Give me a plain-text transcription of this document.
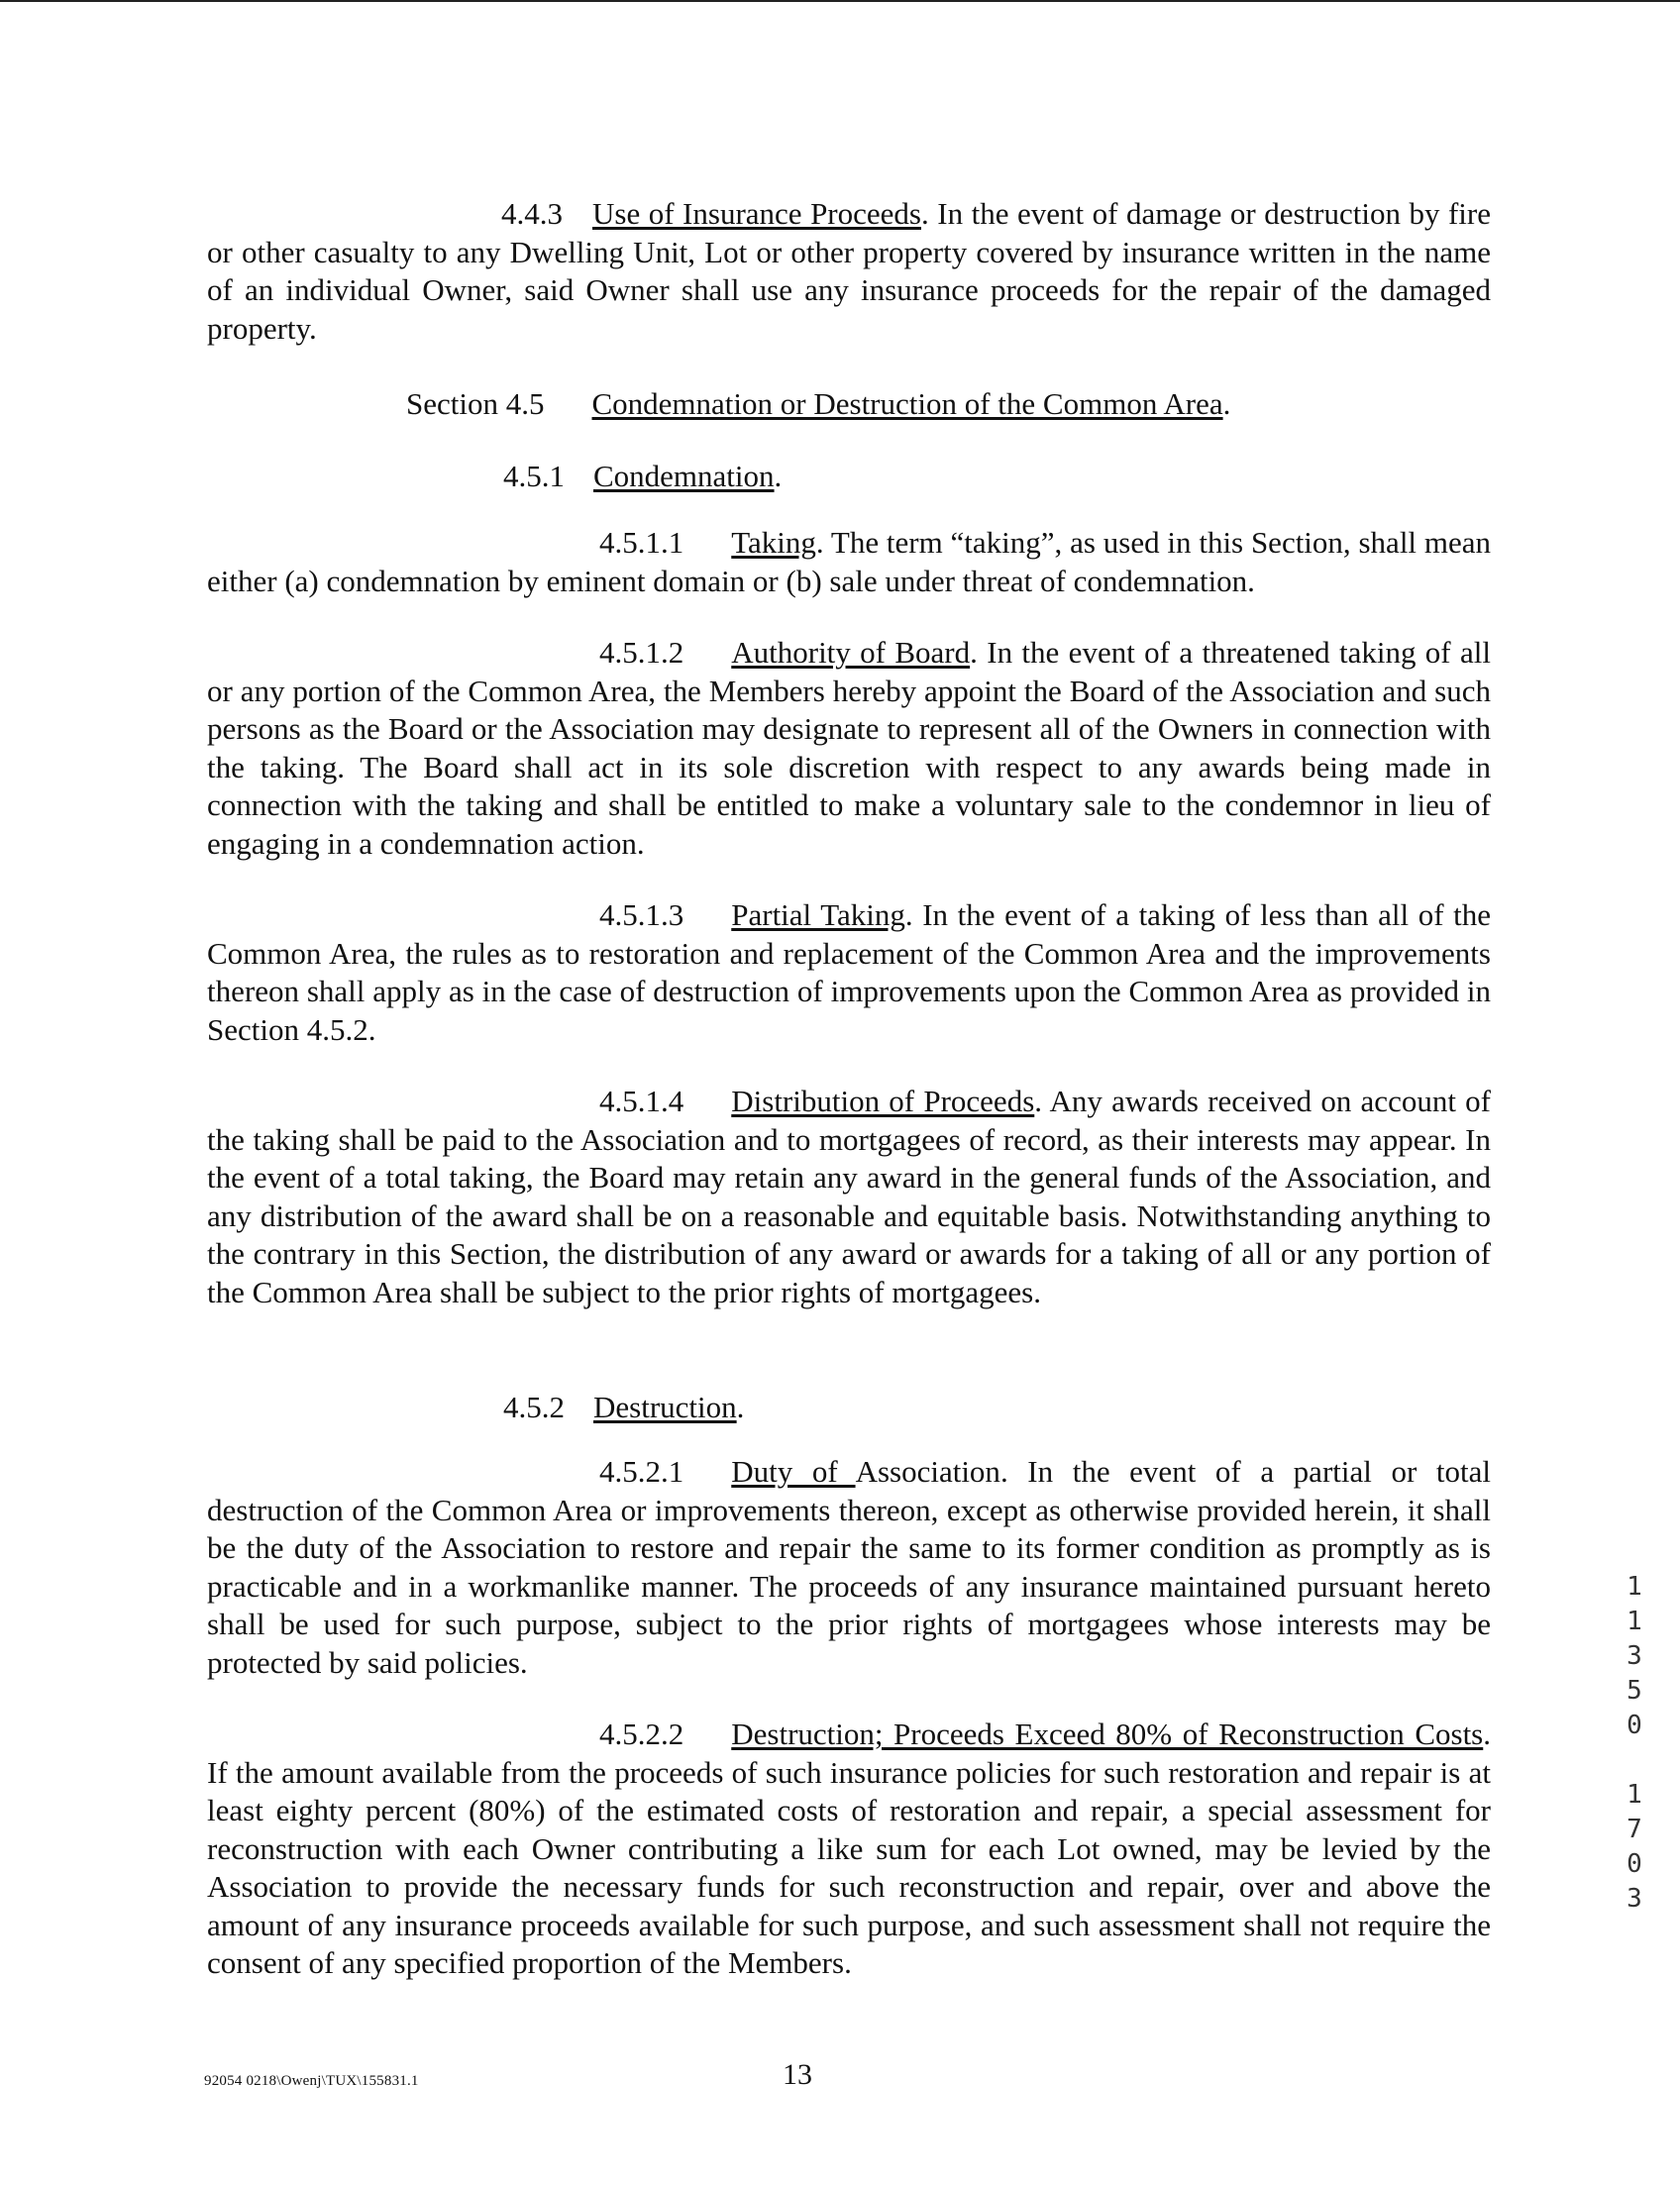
4.4.3 Use of Insurance Proceeds. In the event of damage or destruction by fire or other casualty to any Dwelling Unit, Lot or other property covered by insurance written in the name of an individual Owner, said Owner shall use any insurance proceeds for the repair of the damaged property.

Section 4.5 Condemnation or Destruction of the Common Area.
4.5.1 Condemnation.

4.5.1.1 Taking. The term “taking”, as used in this Section, shall mean either (a) condemnation by eminent domain or (b) sale under threat of condemnation.

4.5.1.2 Authority of Board. In the event of a threatened taking of all or any portion of the Common Area, the Members hereby appoint the Board of the Association and such persons as the Board or the Association may designate to represent all of the Owners in connection with the taking. The Board shall act in its sole discretion with respect to any awards being made in connection with the taking and shall be entitled to make a voluntary sale to the condemnor in lieu of engaging in a condemnation action.

4.5.1.3 Partial Taking. In the event of a taking of less than all of the Common Area, the rules as to restoration and replacement of the Common Area and the improvements thereon shall apply as in the case of destruction of improvements upon the Common Area as provided in Section 4.5.2.

4.5.1.4 Distribution of Proceeds. Any awards received on account of the taking shall be paid to the Association and to mortgagees of record, as their interests may appear. In the event of a total taking, the Board may retain any award in the general funds of the Association, and any distribution of the award shall be on a reasonable and equitable basis. Notwithstanding anything to the contrary in this Section, the distribution of any award or awards for a taking of all or any portion of the Common Area shall be subject to the prior rights of mortgagees.

4.5.2 Destruction.

4.5.2.1 Duty of Association. In the event of a partial or total destruction of the Common Area or improvements thereon, except as otherwise provided herein, it shall be the duty of the Association to restore and repair the same to its former condition as promptly as is practicable and in a workmanlike manner. The proceeds of any insurance maintained pursuant hereto shall be used for such purpose, subject to the prior rights of mortgagees whose interests may be protected by said policies.

4.5.2.2 Destruction; Proceeds Exceed 80% of Reconstruction Costs. If the amount available from the proceeds of such insurance policies for such restoration and repair is at least eighty percent (80%) of the estimated costs of restoration and repair, a special assessment for reconstruction with each Owner contributing a like sum for each Lot owned, may be levied by the Association to provide the necessary funds for such reconstruction and repair, over and above the amount of any insurance proceeds available for such purpose, and such assessment shall not require the consent of any specified proportion of the Members.

92054 0218\Owenj\TUX\155831.1	13
1
1
3
5
0
1
7
0
3
